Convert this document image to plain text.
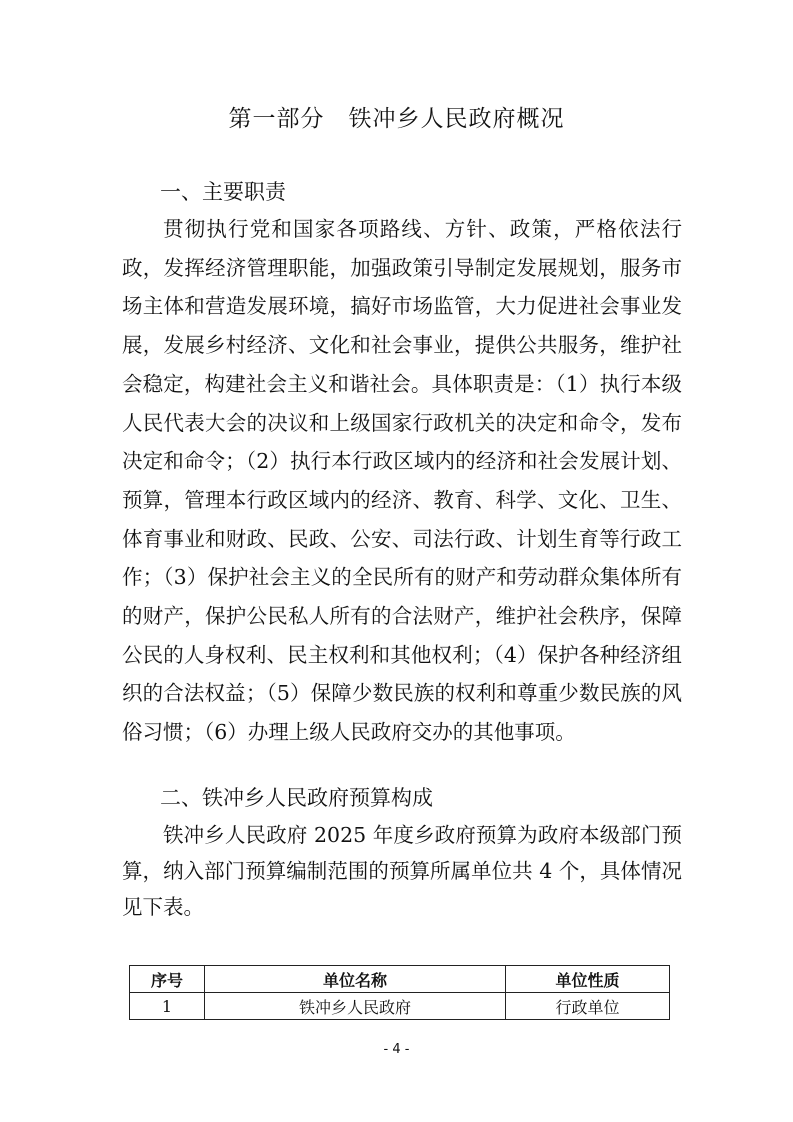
第一部分　铁冲乡人民政府概况
一、主要职责

贯彻执行党和国家各项路线、方针、政策，严格依法行政，发挥经济管理职能，加强政策引导制定发展规划，服务市场主体和营造发展环境，搞好市场监管，大力促进社会事业发展，发展乡村经济、文化和社会事业，提供公共服务，维护社会稳定，构建社会主义和谐社会。具体职责是：（1）执行本级人民代表大会的决议和上级国家行政机关的决定和命令，发布决定和命令；（2）执行本行政区域内的经济和社会发展计划、预算，管理本行政区域内的经济、教育、科学、文化、卫生、体育事业和财政、民政、公安、司法行政、计划生育等行政工作；（3）保护社会主义的全民所有的财产和劳动群众集体所有的财产，保护公民私人所有的合法财产，维护社会秩序，保障公民的人身权利、民主权利和其他权利；（4）保护各种经济组织的合法权益；（5）保障少数民族的权利和尊重少数民族的风俗习惯；（6）办理上级人民政府交办的其他事项。

二、铁冲乡人民政府预算构成

铁冲乡人民政府 2025 年度乡政府预算为政府本级部门预算，纳入部门预算编制范围的预算所属单位共 4 个，具体情况见下表。

序号	单位名称	单位性质
1	铁冲乡人民政府	行政单位
- 4 -
